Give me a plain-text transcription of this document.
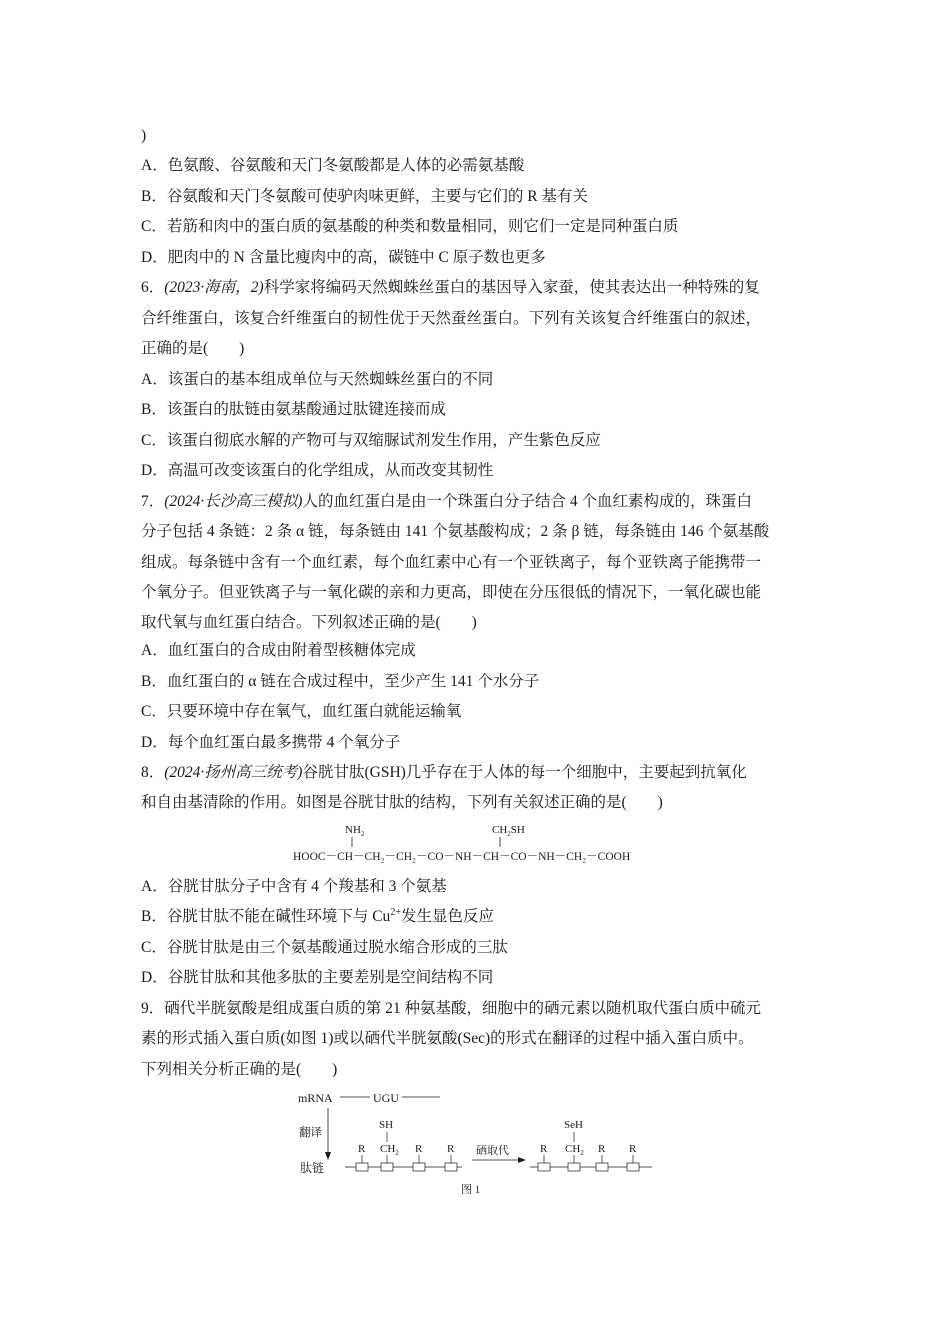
)
A．色氨酸、谷氨酸和天门冬氨酸都是人体的必需氨基酸
B．谷氨酸和天门冬氨酸可使驴肉味更鲜，主要与它们的 R 基有关
C．若筋和肉中的蛋白质的氨基酸的种类和数量相同，则它们一定是同种蛋白质
D．肥肉中的 N 含量比瘦肉中的高，碳链中 C 原子数也更多
6．(2023·海南，2)科学家将编码天然蜘蛛丝蛋白的基因导入家蚕，使其表达出一种特殊的复
合纤维蛋白，该复合纤维蛋白的韧性优于天然蚕丝蛋白。下列有关该复合纤维蛋白的叙述，
正确的是(　　)
A．该蛋白的基本组成单位与天然蜘蛛丝蛋白的不同
B．该蛋白的肽链由氨基酸通过肽键连接而成
C．该蛋白彻底水解的产物可与双缩脲试剂发生作用，产生紫色反应
D．高温可改变该蛋白的化学组成，从而改变其韧性
7．(2024·长沙高三模拟)人的血红蛋白是由一个珠蛋白分子结合 4 个血红素构成的，珠蛋白
分子包括 4 条链：2 条 α 链，每条链由 141 个氨基酸构成；2 条 β 链，每条链由 146 个氨基酸
组成。每条链中含有一个血红素，每个血红素中心有一个亚铁离子，每个亚铁离子能携带一
个氧分子。但亚铁离子与一氧化碳的亲和力更高，即使在分压很低的情况下，一氧化碳也能
取代氧与血红蛋白结合。下列叙述正确的是(　　)
A．血红蛋白的合成由附着型核糖体完成
B．血红蛋白的 α 链在合成过程中，至少产生 141 个水分子
C．只要环境中存在氧气，血红蛋白就能运输氧
D．每个血红蛋白最多携带 4 个氧分子
8．(2024·扬州高三统考)谷胱甘肽(GSH)几乎存在于人体的每一个细胞中，主要起到抗氧化
和自由基清除的作用。如图是谷胱甘肽的结构，下列有关叙述正确的是(　　)
$NH_2$	$CH_2SH$
HOOC－CH－CH₂－CH₂－CO－NH－CH－CO－NH－CH₂－COOH
A．谷胱甘肽分子中含有 4 个羧基和 3 个氨基
B．谷胱甘肽不能在碱性环境下与 $Cu^{2+}$发生显色反应
C．谷胱甘肽是由三个氨基酸通过脱水缩合形成的三肽
D．谷胱甘肽和其他多肽的主要差别是空间结构不同
9．硒代半胱氨酸是组成蛋白质的第 21 种氨基酸，细胞中的硒元素以随机取代蛋白质中硫元
素的形式插入蛋白质(如图 1)或以硒代半胱氨酸(Sec)的形式在翻译的过程中插入蛋白质中。
下列相关分析正确的是(　　)
mRNA	UGU
翻译
肽链
SH
R $CH_2$ R R 硒取代
SeH
R $CH_2$ R R
图 1
